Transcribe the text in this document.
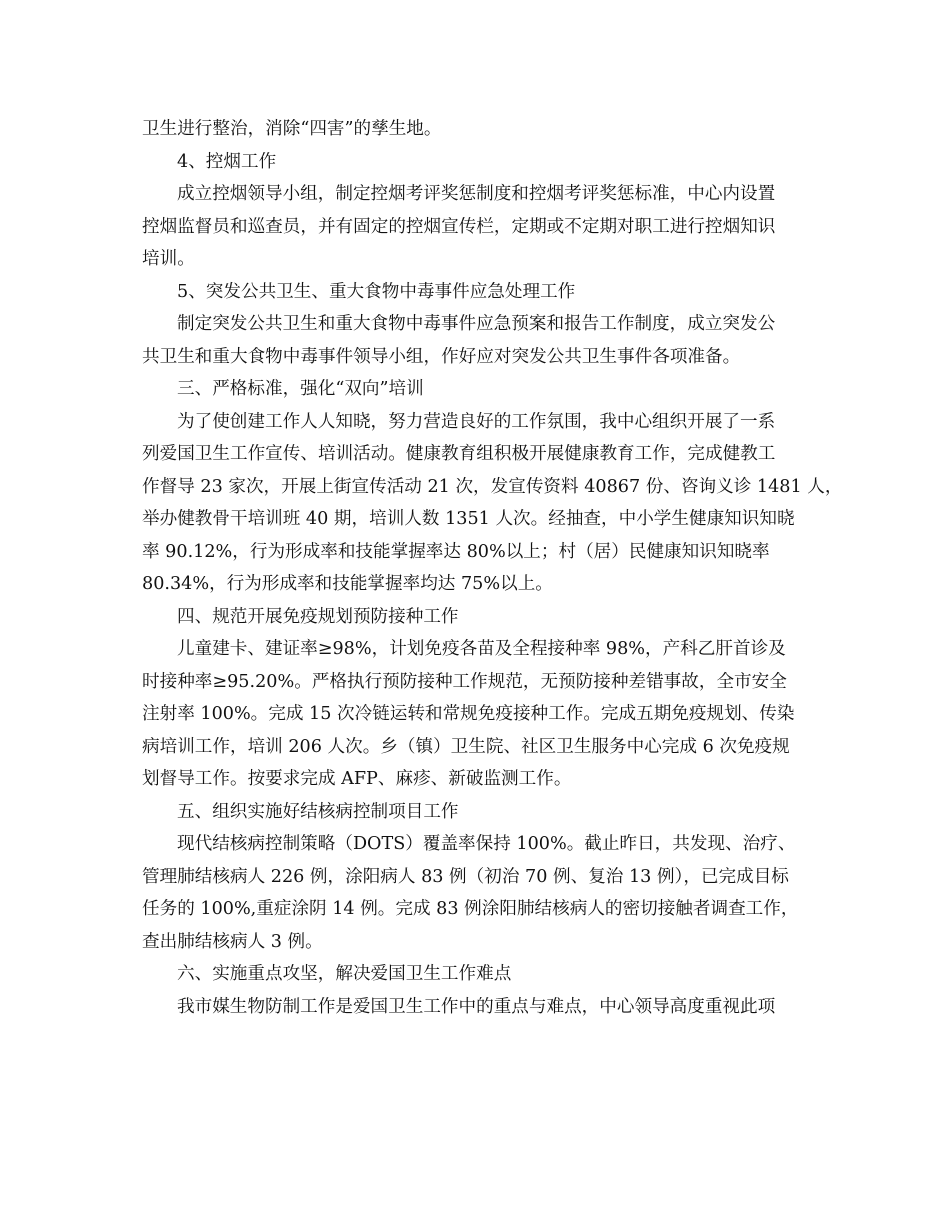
卫生进行整治，消除“四害”的孳生地。

4、控烟工作

成立控烟领导小组，制定控烟考评奖惩制度和控烟考评奖惩标准，中心内设置
控烟监督员和巡查员，并有固定的控烟宣传栏，定期或不定期对职工进行控烟知识
培训。

5、突发公共卫生、重大食物中毒事件应急处理工作

制定突发公共卫生和重大食物中毒事件应急预案和报告工作制度，成立突发公
共卫生和重大食物中毒事件领导小组，作好应对突发公共卫生事件各项准备。

三、严格标准，强化“双向”培训

为了使创建工作人人知晓，努力营造良好的工作氛围，我中心组织开展了一系
列爱国卫生工作宣传、培训活动。健康教育组积极开展健康教育工作，完成健教工
作督导 23 家次，开展上街宣传活动 21 次，发宣传资料 40867 份、咨询义诊 1481 人，
举办健教骨干培训班 40 期，培训人数 1351 人次。经抽查，中小学生健康知识知晓
率 90.12%，行为形成率和技能掌握率达 80%以上；村（居）民健康知识知晓率
80.34%，行为形成率和技能掌握率均达 75%以上。

四、规范开展免疫规划预防接种工作

儿童建卡、建证率≥98%，计划免疫各苗及全程接种率 98%，产科乙肝首诊及
时接种率≥95.20%。严格执行预防接种工作规范，无预防接种差错事故，全市安全
注射率 100%。完成 15 次冷链运转和常规免疫接种工作。完成五期免疫规划、传染
病培训工作，培训 206 人次。乡（镇）卫生院、社区卫生服务中心完成 6 次免疫规
划督导工作。按要求完成 AFP、麻疹、新破监测工作。

五、组织实施好结核病控制项目工作

现代结核病控制策略（DOTS）覆盖率保持 100%。截止昨日，共发现、治疗、
管理肺结核病人 226 例，涂阳病人 83 例（初治 70 例、复治 13 例），已完成目标
任务的 100%,重症涂阴 14 例。完成 83 例涂阳肺结核病人的密切接触者调查工作，
查出肺结核病人 3 例。

六、实施重点攻坚，解决爱国卫生工作难点

我市媒生物防制工作是爱国卫生工作中的重点与难点，中心领导高度重视此项
